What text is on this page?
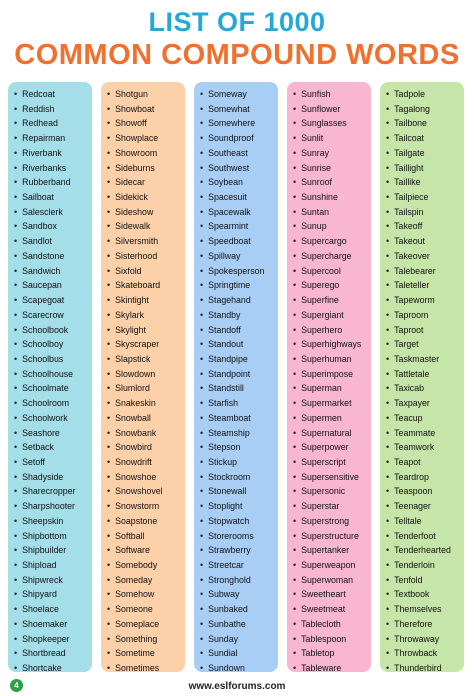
LIST OF 1000
COMMON COMPOUND WORDS
• Redcoat
• Reddish
• Redhead
• Repairman
• Riverbank
• Riverbanks
• Rubberband
• Sailboat
• Salesclerk
• Sandbox
• Sandlot
• Sandstone
• Sandwich
• Saucepan
• Scapegoat
• Scarecrow
• Schoolbook
• Schoolboy
• Schoolbus
• Schoolhouse
• Schoolmate
• Schoolroom
• Schoolwork
• Seashore
• Setback
• Setoff
• Shadyside
• Sharecropper
• Sharpshooter
• Sheepskin
• Shipbottom
• Shipbuilder
• Shipload
• Shipwreck
• Shipyard
• Shoelace
• Shoemaker
• Shopkeeper
• Shortbread
• Shortcake
• Shotgun
• Showboat
• Showoff
• Showplace
• Showroom
• Sideburns
• Sidecar
• Sidekick
• Sideshow
• Sidewalk
• Silversmith
• Sisterhood
• Sixfold
• Skateboard
• Skintight
• Skylark
• Skylight
• Skyscraper
• Slapstick
• Slowdown
• Slumlord
• Snakeskin
• Snowball
• Snowbank
• Snowbird
• Snowdrift
• Snowshoe
• Snowshovel
• Snowstorm
• Soapstone
• Softball
• Software
• Somebody
• Someday
• Somehow
• Someone
• Someplace
• Something
• Sometime
• Sometimes
• Someway
• Somewhat
• Somewhere
• Soundproof
• Southeast
• Southwest
• Soybean
• Spacesuit
• Spacewalk
• Spearmint
• Speedboat
• Spillway
• Spokesperson
• Springtime
• Stagehand
• Standby
• Standoff
• Standout
• Standpipe
• Standpoint
• Standstill
• Starfish
• Steamboat
• Steamship
• Stepson
• Stickup
• Stockroom
• Stonewall
• Stoplight
• Stopwatch
• Storerooms
• Strawberry
• Streetcar
• Stronghold
• Subway
• Sunbaked
• Sunbathe
• Sunday
• Sundial
• Sundown
• Sunfish
• Sunflower
• Sunglasses
• Sunlit
• Sunray
• Sunrise
• Sunroof
• Sunshine
• Suntan
• Sunup
• Supercargo
• Supercharge
• Supercool
• Superego
• Superfine
• Supergiant
• Superhero
• Superhighways
• Superhuman
• Superimpose
• Superman
• Supermarket
• Supermen
• Supernatural
• Superpower
• Superscript
• Supersensitive
• Supersonic
• Superstar
• Superstrong
• Superstructure
• Supertanker
• Superweapon
• Superwoman
• Sweetheart
• Sweetmeat
• Tablecloth
• Tablespoon
• Tabletop
• Tableware
• Tadpole
• Tagalong
• Tailbone
• Tailcoat
• Tailgate
• Taillight
• Taillike
• Tailpiece
• Tailspin
• Takeoff
• Takeout
• Takeover
• Talebearer
• Taleteller
• Tapeworm
• Taproom
• Taproot
• Target
• Taskmaster
• Tattletale
• Taxicab
• Taxpayer
• Teacup
• Teammate
• Teamwork
• Teapot
• Teardrop
• Teaspoon
• Teenager
• Telltale
• Tenderfoot
• Tenderhearted
• Tenderloin
• Tenfold
• Textbook
• Themselves
• Therefore
• Throwaway
• Throwback
• Thunderbird
4	www.eslforums.com
